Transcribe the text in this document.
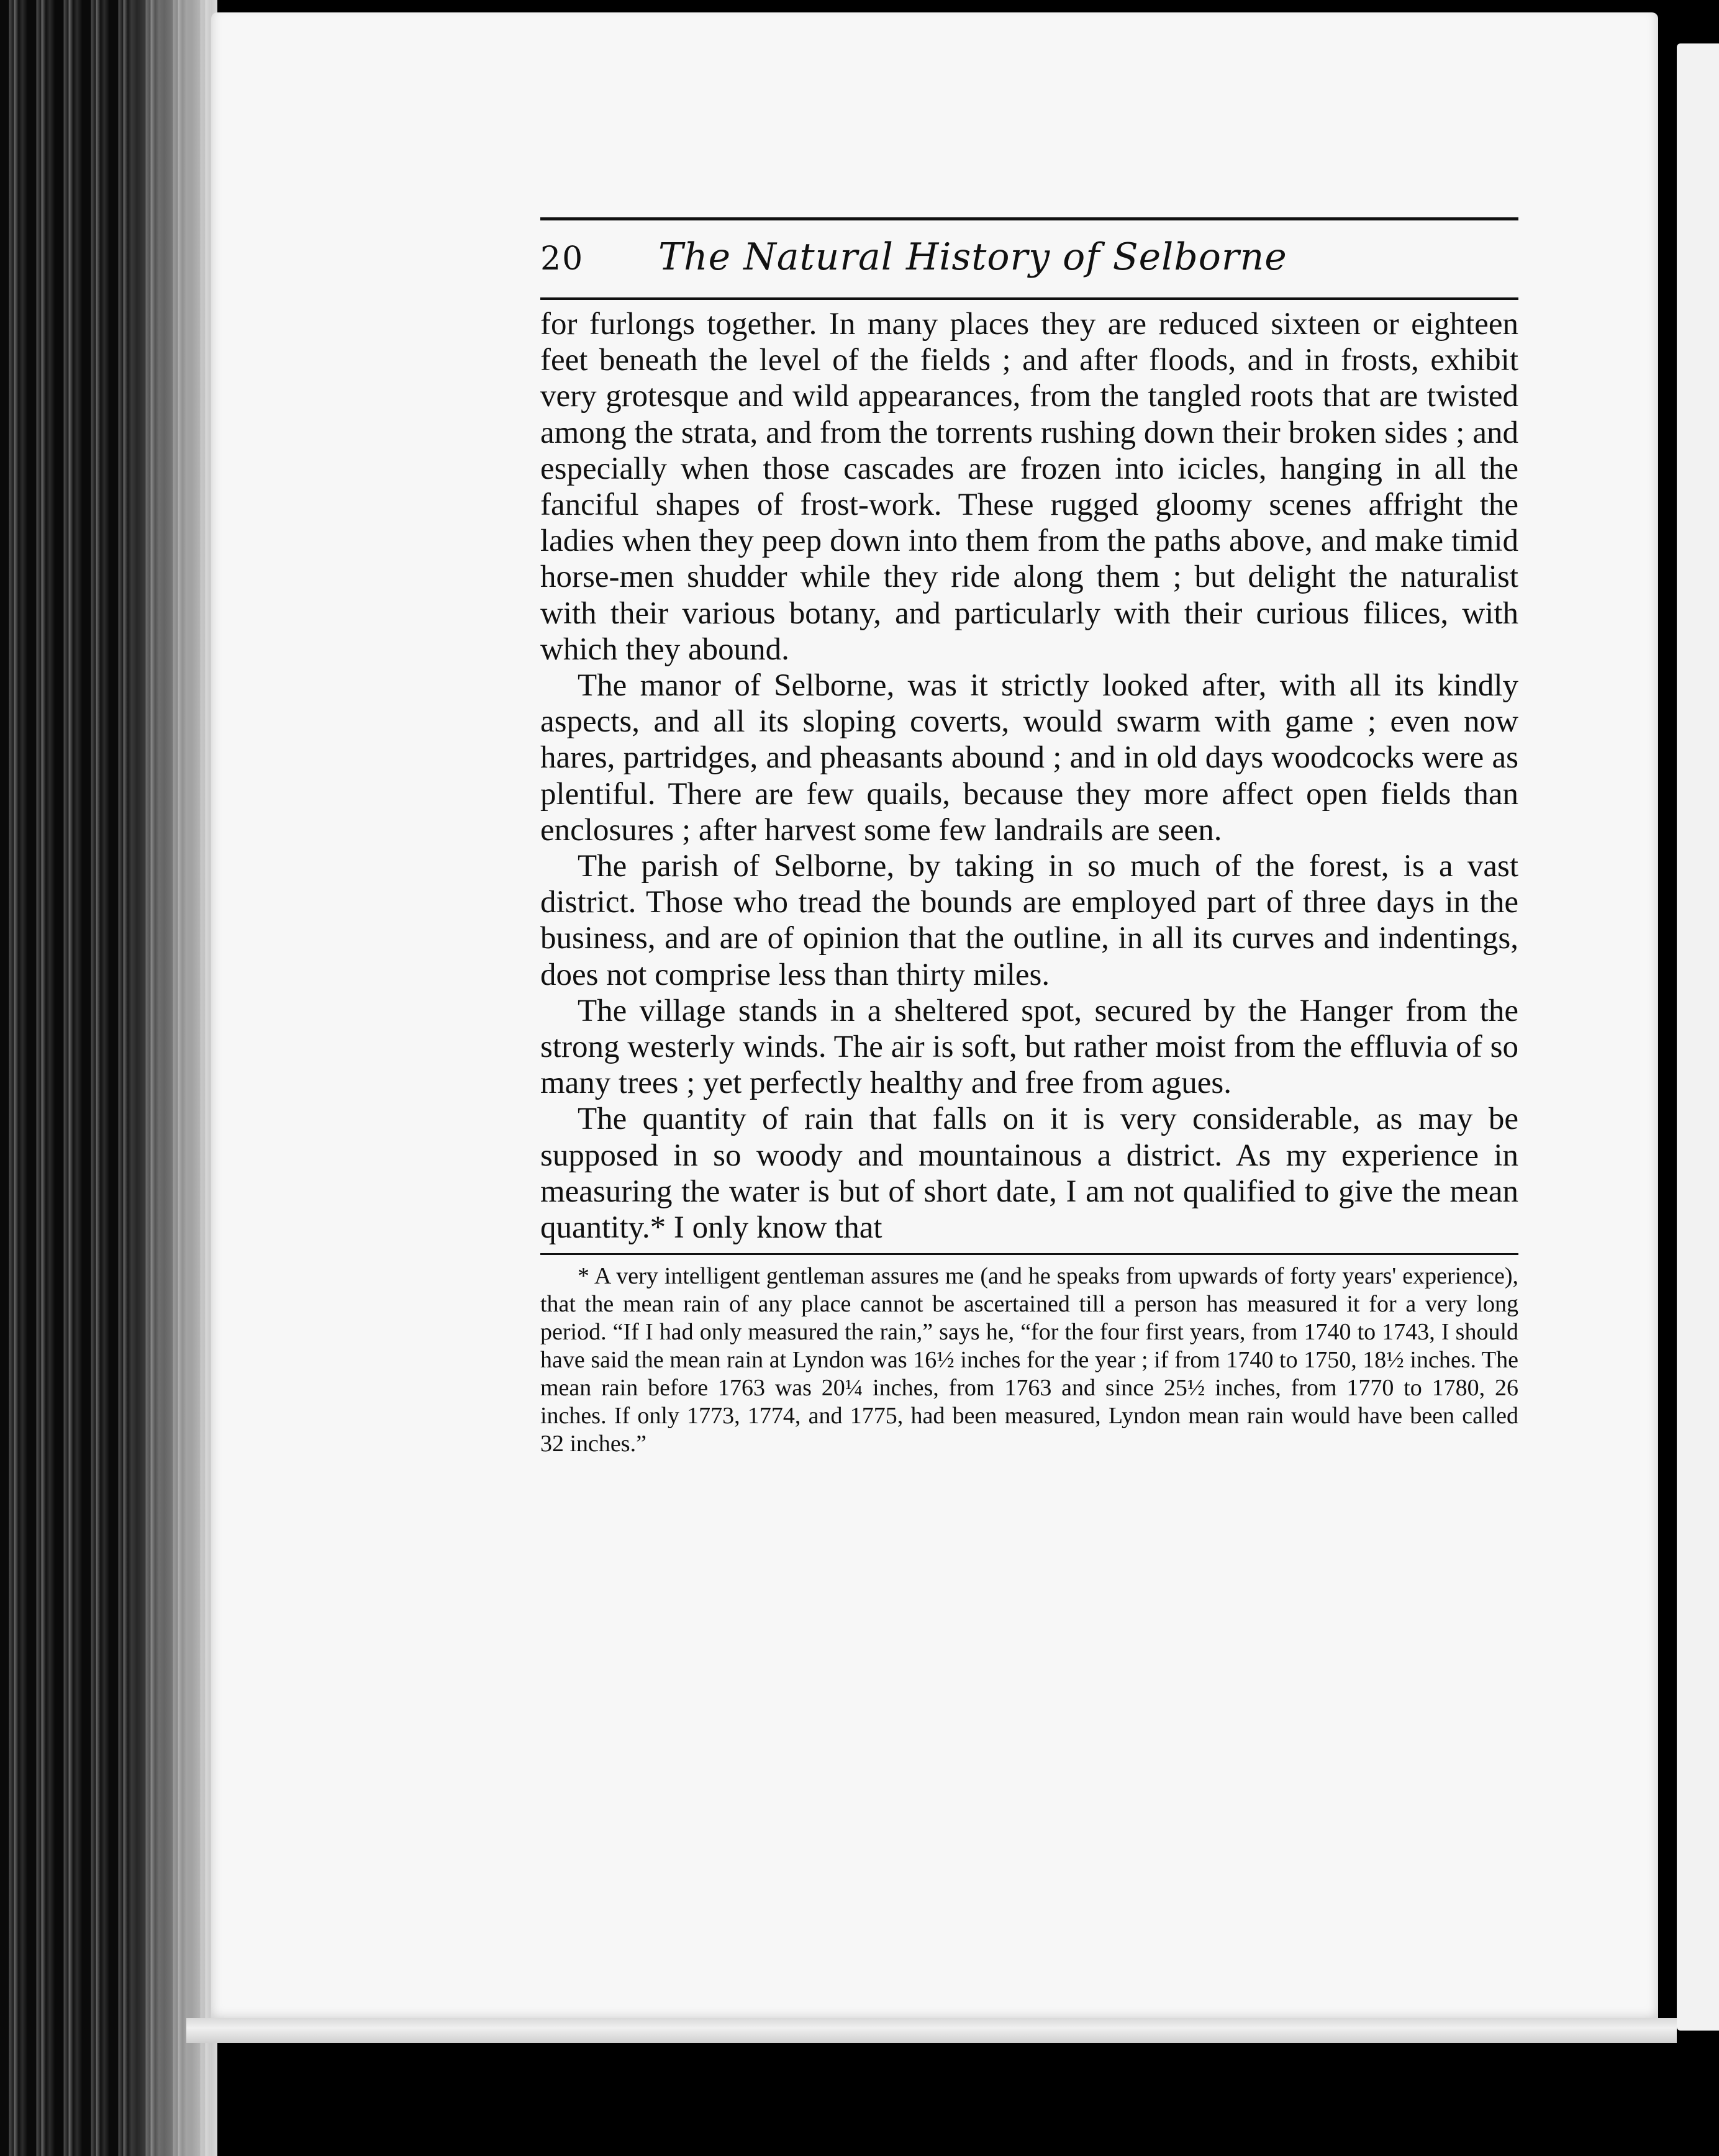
20	The Natural History of Selborne

for furlongs together. In many places they are reduced sixteen or eighteen feet beneath the level of the fields ; and after floods, and in frosts, exhibit very grotesque and wild appearances, from the tangled roots that are twisted among the strata, and from the torrents rushing down their broken sides ; and especially when those cascades are frozen into icicles, hanging in all the fanciful shapes of frost-work. These rugged gloomy scenes affright the ladies when they peep down into them from the paths above, and make timid horse-men shudder while they ride along them ; but delight the naturalist with their various botany, and particularly with their curious filices, with which they abound.

The manor of Selborne, was it strictly looked after, with all its kindly aspects, and all its sloping coverts, would swarm with game ; even now hares, partridges, and pheasants abound ; and in old days woodcocks were as plentiful. There are few quails, because they more affect open fields than enclosures ; after harvest some few landrails are seen.

The parish of Selborne, by taking in so much of the forest, is a vast district. Those who tread the bounds are employed part of three days in the business, and are of opinion that the outline, in all its curves and indentings, does not comprise less than thirty miles.

The village stands in a sheltered spot, secured by the Hanger from the strong westerly winds. The air is soft, but rather moist from the effluvia of so many trees ; yet perfectly healthy and free from agues.

The quantity of rain that falls on it is very considerable, as may be supposed in so woody and mountainous a district. As my experience in measuring the water is but of short date, I am not qualified to give the mean quantity.* I only know that

* A very intelligent gentleman assures me (and he speaks from upwards of forty years' experience), that the mean rain of any place cannot be ascertained till a person has measured it for a very long period. “If I had only measured the rain,” says he, “for the four first years, from 1740 to 1743, I should have said the mean rain at Lyndon was 16½ inches for the year ; if from 1740 to 1750, 18½ inches. The mean rain before 1763 was 20¼ inches, from 1763 and since 25½ inches, from 1770 to 1780, 26 inches. If only 1773, 1774, and 1775, had been measured, Lyndon mean rain would have been called 32 inches.”
